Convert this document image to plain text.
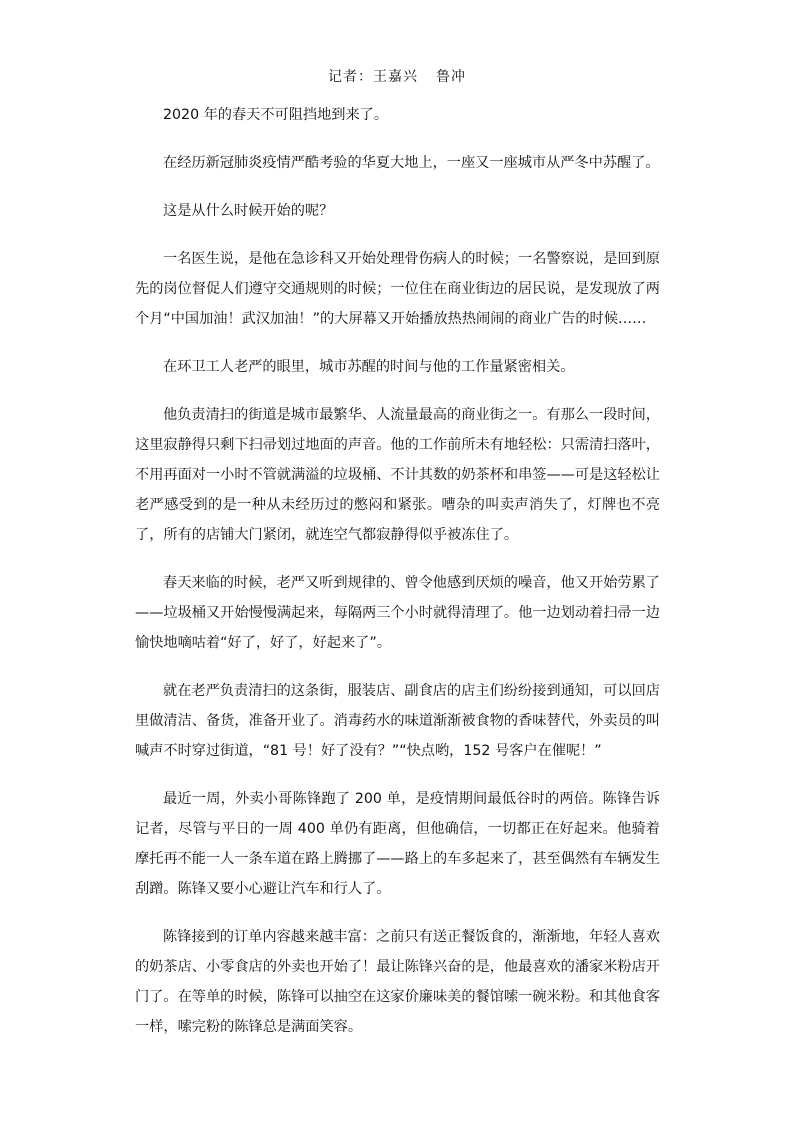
记者：王嘉兴 鲁冲

2020 年的春天不可阻挡地到来了。

在经历新冠肺炎疫情严酷考验的华夏大地上，一座又一座城市从严冬中苏醒了。

这是从什么时候开始的呢？

一名医生说，是他在急诊科又开始处理骨伤病人的时候；一名警察说，是回到原先的岗位督促人们遵守交通规则的时候；一位住在商业街边的居民说，是发现放了两个月“中国加油！武汉加油！”的大屏幕又开始播放热热闹闹的商业广告的时候……

在环卫工人老严的眼里，城市苏醒的时间与他的工作量紧密相关。

他负责清扫的街道是城市最繁华、人流量最高的商业街之一。有那么一段时间，这里寂静得只剩下扫帚划过地面的声音。他的工作前所未有地轻松：只需清扫落叶，不用再面对一小时不管就满溢的垃圾桶、不计其数的奶茶杯和串签——可是这轻松让老严感受到的是一种从未经历过的憋闷和紧张。嘈杂的叫卖声消失了，灯牌也不亮了，所有的店铺大门紧闭，就连空气都寂静得似乎被冻住了。

春天来临的时候，老严又听到规律的、曾令他感到厌烦的噪音，他又开始劳累了——垃圾桶又开始慢慢满起来，每隔两三个小时就得清理了。他一边划动着扫帚一边愉快地嘀咕着“好了，好了，好起来了”。

就在老严负责清扫的这条街，服装店、副食店的店主们纷纷接到通知，可以回店里做清洁、备货，准备开业了。消毒药水的味道渐渐被食物的香味替代，外卖员的叫喊声不时穿过街道，“81 号！好了没有？”“快点哟，152 号客户在催呢！”

最近一周，外卖小哥陈锋跑了 200 单，是疫情期间最低谷时的两倍。陈锋告诉记者，尽管与平日的一周 400 单仍有距离，但他确信，一切都正在好起来。他骑着摩托再不能一人一条车道在路上腾挪了——路上的车多起来了，甚至偶然有车辆发生刮蹭。陈锋又要小心避让汽车和行人了。

陈锋接到的订单内容越来越丰富：之前只有送正餐饭食的，渐渐地，年轻人喜欢的奶茶店、小零食店的外卖也开始了！最让陈锋兴奋的是，他最喜欢的潘家米粉店开门了。在等单的时候，陈锋可以抽空在这家价廉味美的餐馆嗦一碗米粉。和其他食客一样，嗦完粉的陈锋总是满面笑容。
